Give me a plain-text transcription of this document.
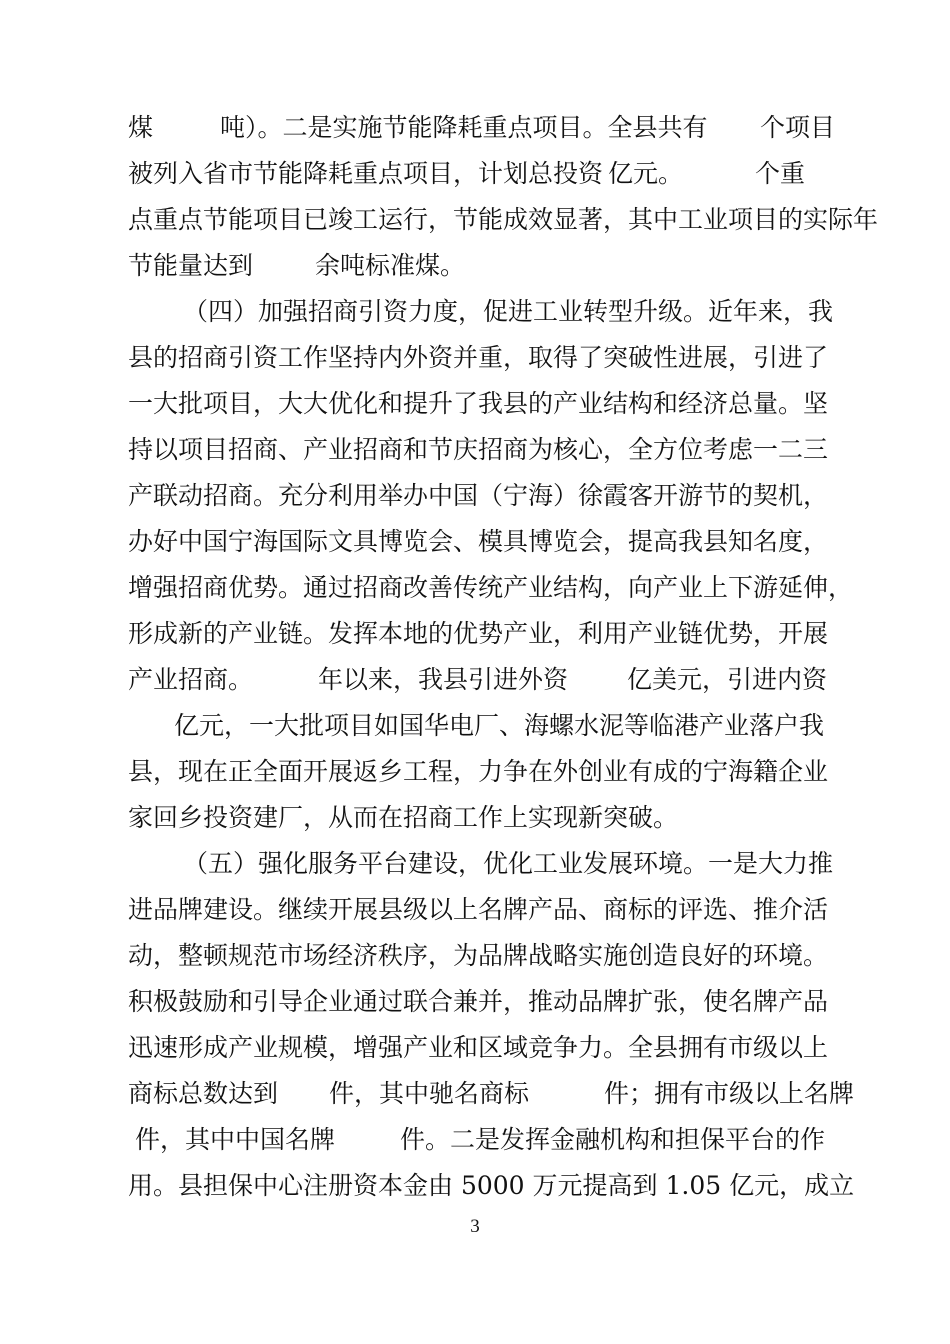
煤	吨）。二是实施节能降耗重点项目。全县共有 个项目
被列入省市节能降耗重点项目，计划总投资 亿元。	个重
点重点节能项目已竣工运行，节能成效显著，其中工业项目的实际年
节能量达到 余吨标准煤。
（四）加强招商引资力度，促进工业转型升级。近年来，我
县的招商引资工作坚持内外资并重，取得了突破性进展，引进了
一大批项目，大大优化和提升了我县的产业结构和经济总量。坚
持以项目招商、产业招商和节庆招商为核心，全方位考虑一二三
产联动招商。充分利用举办中国（宁海）徐霞客开游节的契机，
办好中国宁海国际文具博览会、模具博览会，提高我县知名度，
增强招商优势。通过招商改善传统产业结构，向产业上下游延伸，
形成新的产业链。发挥本地的优势产业，利用产业链优势，开展
产业招商。	年以来，我县引进外资 亿美元，引进内资
亿元，一大批项目如国华电厂、海螺水泥等临港产业落户我
县，现在正全面开展返乡工程，力争在外创业有成的宁海籍企业
家回乡投资建厂，从而在招商工作上实现新突破。
（五）强化服务平台建设，优化工业发展环境。一是大力推
进品牌建设。继续开展县级以上名牌产品、商标的评选、推介活
动，整顿规范市场经济秩序，为品牌战略实施创造良好的环境。
积极鼓励和引导企业通过联合兼并，推动品牌扩张，使名牌产品
迅速形成产业规模，增强产业和区域竞争力。全县拥有市级以上
商标总数达到 件，其中驰名商标	件；拥有市级以上名牌
件，其中中国名牌	件。二是发挥金融机构和担保平台的作
用。县担保中心注册资本金由 5000 万元提高到 1.05 亿元，成立
3
